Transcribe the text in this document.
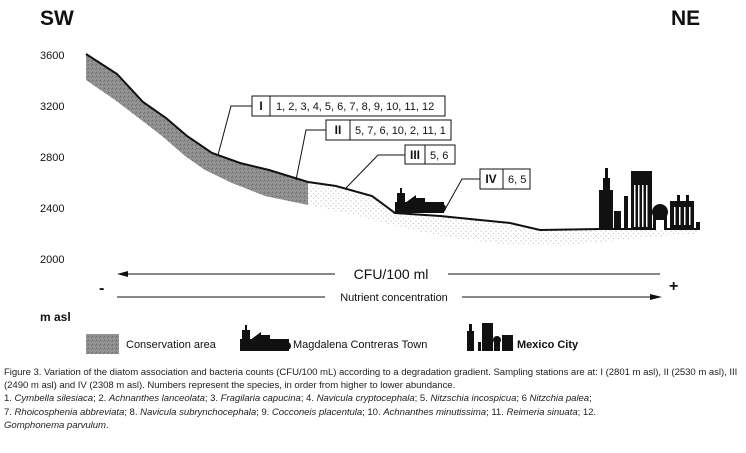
SW	NE
3600
3200
2800
2400
2000
m asl
I 1, 2, 3, 4, 5, 6, 7, 8, 9, 10, 11, 12
II 5, 7, 6, 10, 2, 11, 1
III 5, 6
IV 6, 5
CFU/100 ml
Nutrient concentration
-	+
Conservation area	Magdalena Contreras Town	Mexico City
Figure 3. Variation of the diatom association and bacteria counts (CFU/100 mL) according to a degradation gradient. Sampling stations are at: I (2801 m asl), II (2530 m asl), III (2490 m asl) and IV (2308 m asl). Numbers represent the species, in order from higher to lower abundance.
1. Cymbella silesiaca; 2. Achnanthes lanceolata; 3. Fragilaria capucina; 4. Navicula cryptocephala; 5. Nitzschia incospicua; 6 Nitzchia palea;
7. Rhoicosphenia abbreviata; 8. Navicula subrynchocephala; 9. Cocconeis placentula; 10. Achnanthes minutissima; 11. Reimeria sinuata; 12.
Gomphonema parvulum.
